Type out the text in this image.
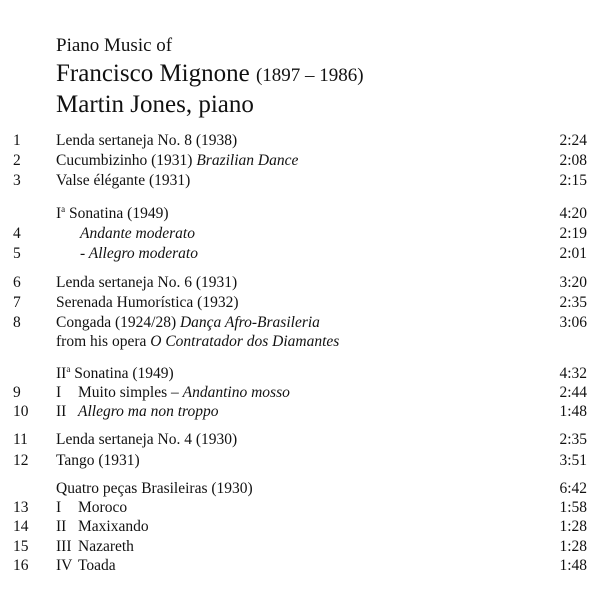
Piano Music of
Francisco Mignone (1897 – 1986)
Martin Jones, piano
1 Lenda sertaneja No. 8 (1938)	2:24
2 Cucumbizinho (1931) Brazilian Dance	2:08
3 Valse élégante (1931)	2:15
$I^a$ Sonatina (1949)	4:20
4	Andante moderato	2:19
5	- Allegro moderato	2:01
6 Lenda sertaneja No. 6 (1931)	3:20
7 Serenada Humorística (1932)	2:35
8 Congada (1924/28) Dança Afro-Brasileria	3:06
from his opera O Contratador dos Diamantes
$II^a$ Sonatina (1949)	4:32
9 I Muito simples – Andantino mosso	2:44
10 II Allegro ma non troppo	1:48
11 Lenda sertaneja No. 4 (1930)	2:35
12 Tango (1931)	3:51
Quatro peças Brasileiras (1930)	6:42
13 I Moroco	1:58
14 II Maxixando	1:28
15 III Nazareth	1:28
16 IV Toada	1:48
